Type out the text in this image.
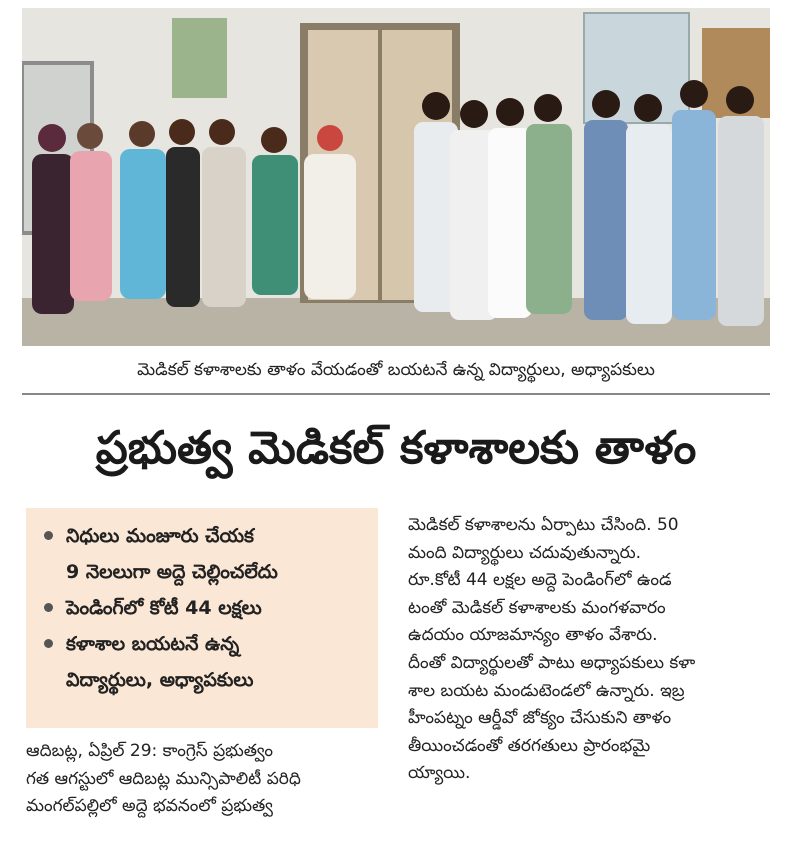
మెడికల్ కళాశాలకు తాళం వేయడంతో బయటనే ఉన్న విద్యార్థులు, అధ్యాపకులు
ప్రభుత్వ మెడికల్ కళాశాలకు తాళం
నిధులు మంజూరు చేయక
9 నెలలుగా అద్దె చెల్లించలేదు
పెండింగ్‌లో కోటీ 44 లక్షలు
కళాశాల బయటనే ఉన్న
విద్యార్థులు, అధ్యాపకులు
ఆదిబట్ల, ఏప్రిల్ 29: కాంగ్రెస్ ప్రభుత్వం
గత ఆగస్టులో ఆదిబట్ల మున్సిపాలిటీ పరిధి
మంగల్‌పల్లిలో అద్దె భవనంలో ప్రభుత్వ
మెడికల్ కళాశాలను ఏర్పాటు చేసింది. 50
మంది విద్యార్థులు చదువుతున్నారు.
రూ.కోటీ 44 లక్షల అద్దె పెండింగ్‌లో ఉండ
టంతో మెడికల్ కళాశాలకు మంగళవారం
ఉదయం యాజమాన్యం తాళం వేశారు.
దీంతో విద్యార్థులతో పాటు అధ్యాపకులు కళా
శాల బయట మండుటెండలో ఉన్నారు. ఇబ్ర
హీంపట్నం ఆర్డీవో జోక్యం చేసుకుని తాళం
తీయించడంతో తరగతులు ప్రారంభమై
య్యాయి.
